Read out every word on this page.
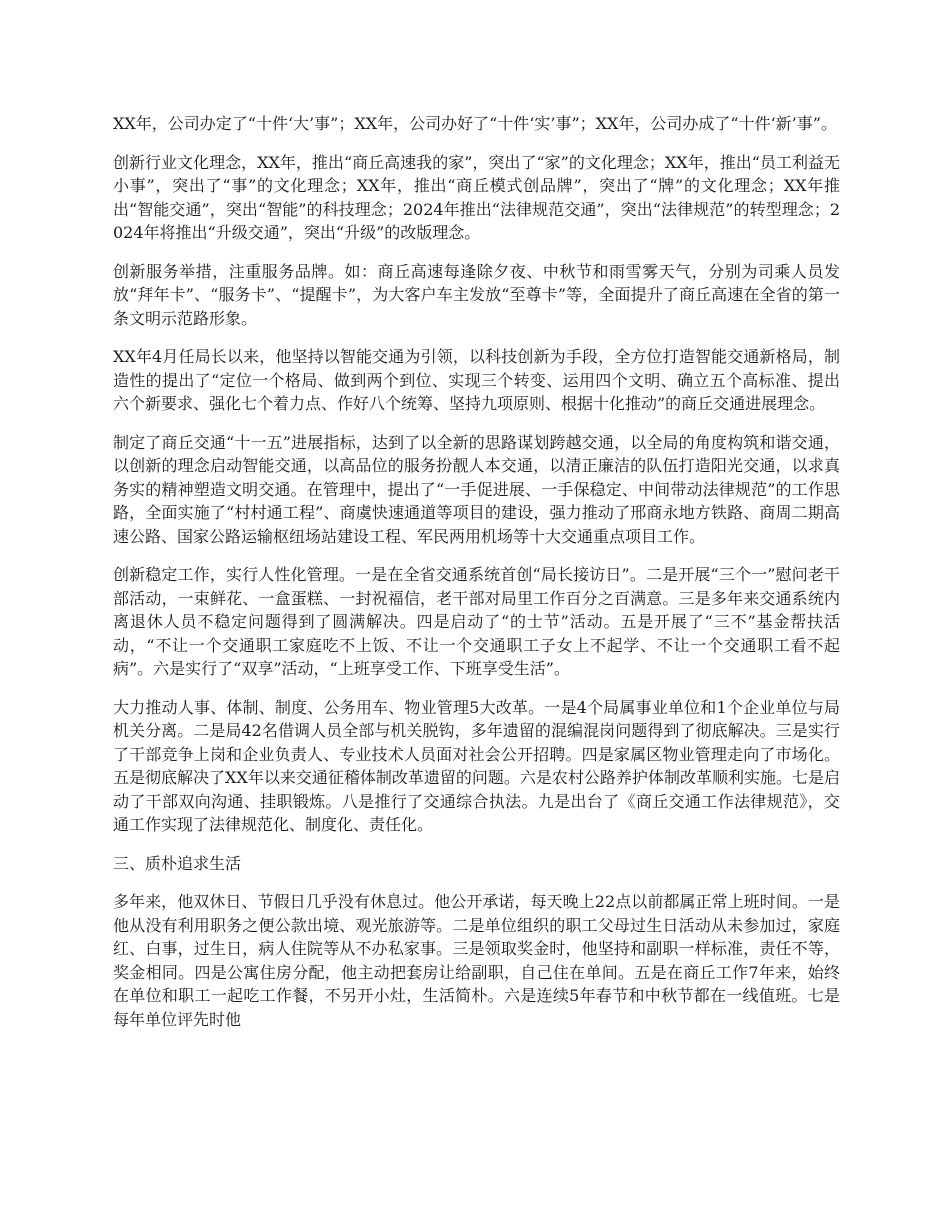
XX年，公司办定了“十件‘大’事”；XX年，公司办好了“十件‘实’事”；XX年，公司办成了“十件‘新’事”。

创新行业文化理念，XX年，推出“商丘高速我的家”，突出了“家”的文化理念；XX年，推出“员工利益无小事”，突出了“事”的文化理念；XX年，推出“商丘模式创品牌”，突出了“牌”的文化理念；XX年推出“智能交通”，突出“智能”的科技理念；2024年推出“法律规范交通”，突出“法律规范”的转型理念；2024年将推出“升级交通”，突出“升级”的改版理念。

创新服务举措，注重服务品牌。如：商丘高速每逢除夕夜、中秋节和雨雪雾天气，分别为司乘人员发放“拜年卡”、“服务卡”、“提醒卡”，为大客户车主发放“至尊卡”等，全面提升了商丘高速在全省的第一条文明示范路形象。

XX年4月任局长以来，他坚持以智能交通为引领，以科技创新为手段，全方位打造智能交通新格局，制造性的提出了“定位一个格局、做到两个到位、实现三个转变、运用四个文明、确立五个高标准、提出六个新要求、强化七个着力点、作好八个统筹、坚持九项原则、根据十化推动”的商丘交通进展理念。

制定了商丘交通“十一五”进展指标，达到了以全新的思路谋划跨越交通，以全局的角度构筑和谐交通，以创新的理念启动智能交通，以高品位的服务扮靓人本交通，以清正廉洁的队伍打造阳光交通，以求真务实的精神塑造文明交通。在管理中，提出了“一手促进展、一手保稳定、中间带动法律规范”的工作思路，全面实施了“村村通工程”、商虞快速通道等项目的建设，强力推动了邢商永地方铁路、商周二期高速公路、国家公路运输枢纽场站建设工程、军民两用机场等十大交通重点项目工作。

创新稳定工作，实行人性化管理。一是在全省交通系统首创“局长接访日”。二是开展“三个一”慰问老干部活动，一束鲜花、一盒蛋糕、一封祝福信，老干部对局里工作百分之百满意。三是多年来交通系统内离退休人员不稳定问题得到了圆满解决。四是启动了“的士节”活动。五是开展了“三不”基金帮扶活动，“不让一个交通职工家庭吃不上饭、不让一个交通职工子女上不起学、不让一个交通职工看不起病”。六是实行了“双享”活动，“上班享受工作、下班享受生活”。

大力推动人事、体制、制度、公务用车、物业管理5大改革。一是4个局属事业单位和1个企业单位与局机关分离。二是局42名借调人员全部与机关脱钩，多年遗留的混编混岗问题得到了彻底解决。三是实行了干部竞争上岗和企业负责人、专业技术人员面对社会公开招聘。四是家属区物业管理走向了市场化。五是彻底解决了XX年以来交通征稽体制改革遗留的问题。六是农村公路养护体制改革顺利实施。七是启动了干部双向沟通、挂职锻炼。八是推行了交通综合执法。九是出台了《商丘交通工作法律规范》，交通工作实现了法律规范化、制度化、责任化。

三、质朴追求生活

多年来，他双休日、节假日几乎没有休息过。他公开承诺，每天晚上22点以前都属正常上班时间。一是他从没有利用职务之便公款出境、观光旅游等。二是单位组织的职工父母过生日活动从未参加过，家庭红、白事，过生日，病人住院等从不办私家事。三是领取奖金时，他坚持和副职一样标准，责任不等，奖金相同。四是公寓住房分配，他主动把套房让给副职，自己住在单间。五是在商丘工作7年来，始终在单位和职工一起吃工作餐，不另开小灶，生活简朴。六是连续5年春节和中秋节都在一线值班。七是每年单位评先时他
